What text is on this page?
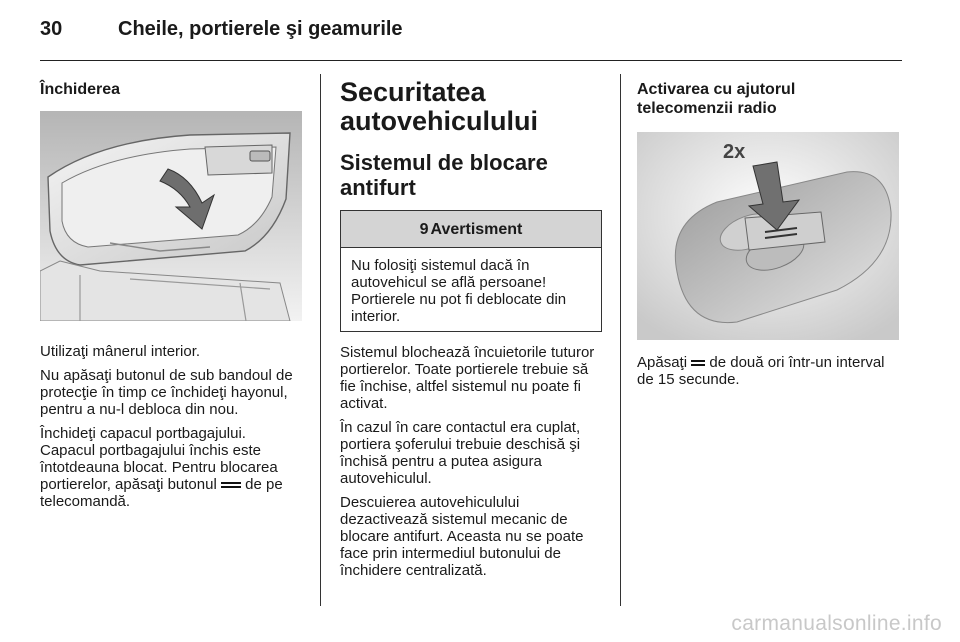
30	Cheile, portierele şi geamurile
Închiderea

Utilizaţi mânerul interior.

Nu apăsaţi butonul de sub bandoul de protecţie în timp ce închideţi hayonul, pentru a nu-l debloca din nou.

Închideţi capacul portbagajului. Capacul portbagajului închis este întotdeauna blocat. Pentru blocarea portierelor, apăsaţi butonul de pe telecomandă.

Securitatea
autovehiculului
Sistemul de blocare
antifurt
9 Avertisment
Nu folosiţi sistemul dacă în autovehicul se află persoane! Portierele nu pot fi deblocate din interior.

Sistemul blochează încuietorile tuturor portierelor. Toate portierele trebuie să fie închise, altfel sistemul nu poate fi activat.

În cazul în care contactul era cuplat, portiera şoferului trebuie deschisă şi închisă pentru a putea asigura autovehiculul.

Descuierea autovehiculului dezactivează sistemul mecanic de blocare antifurt. Aceasta nu se poate face prin intermediul butonului de închidere centralizată.

Activarea cu ajutorul
telecomenzii radio
2x

Apăsaţi de două ori într-un interval de 15 secunde.

carmanualsonline.info
